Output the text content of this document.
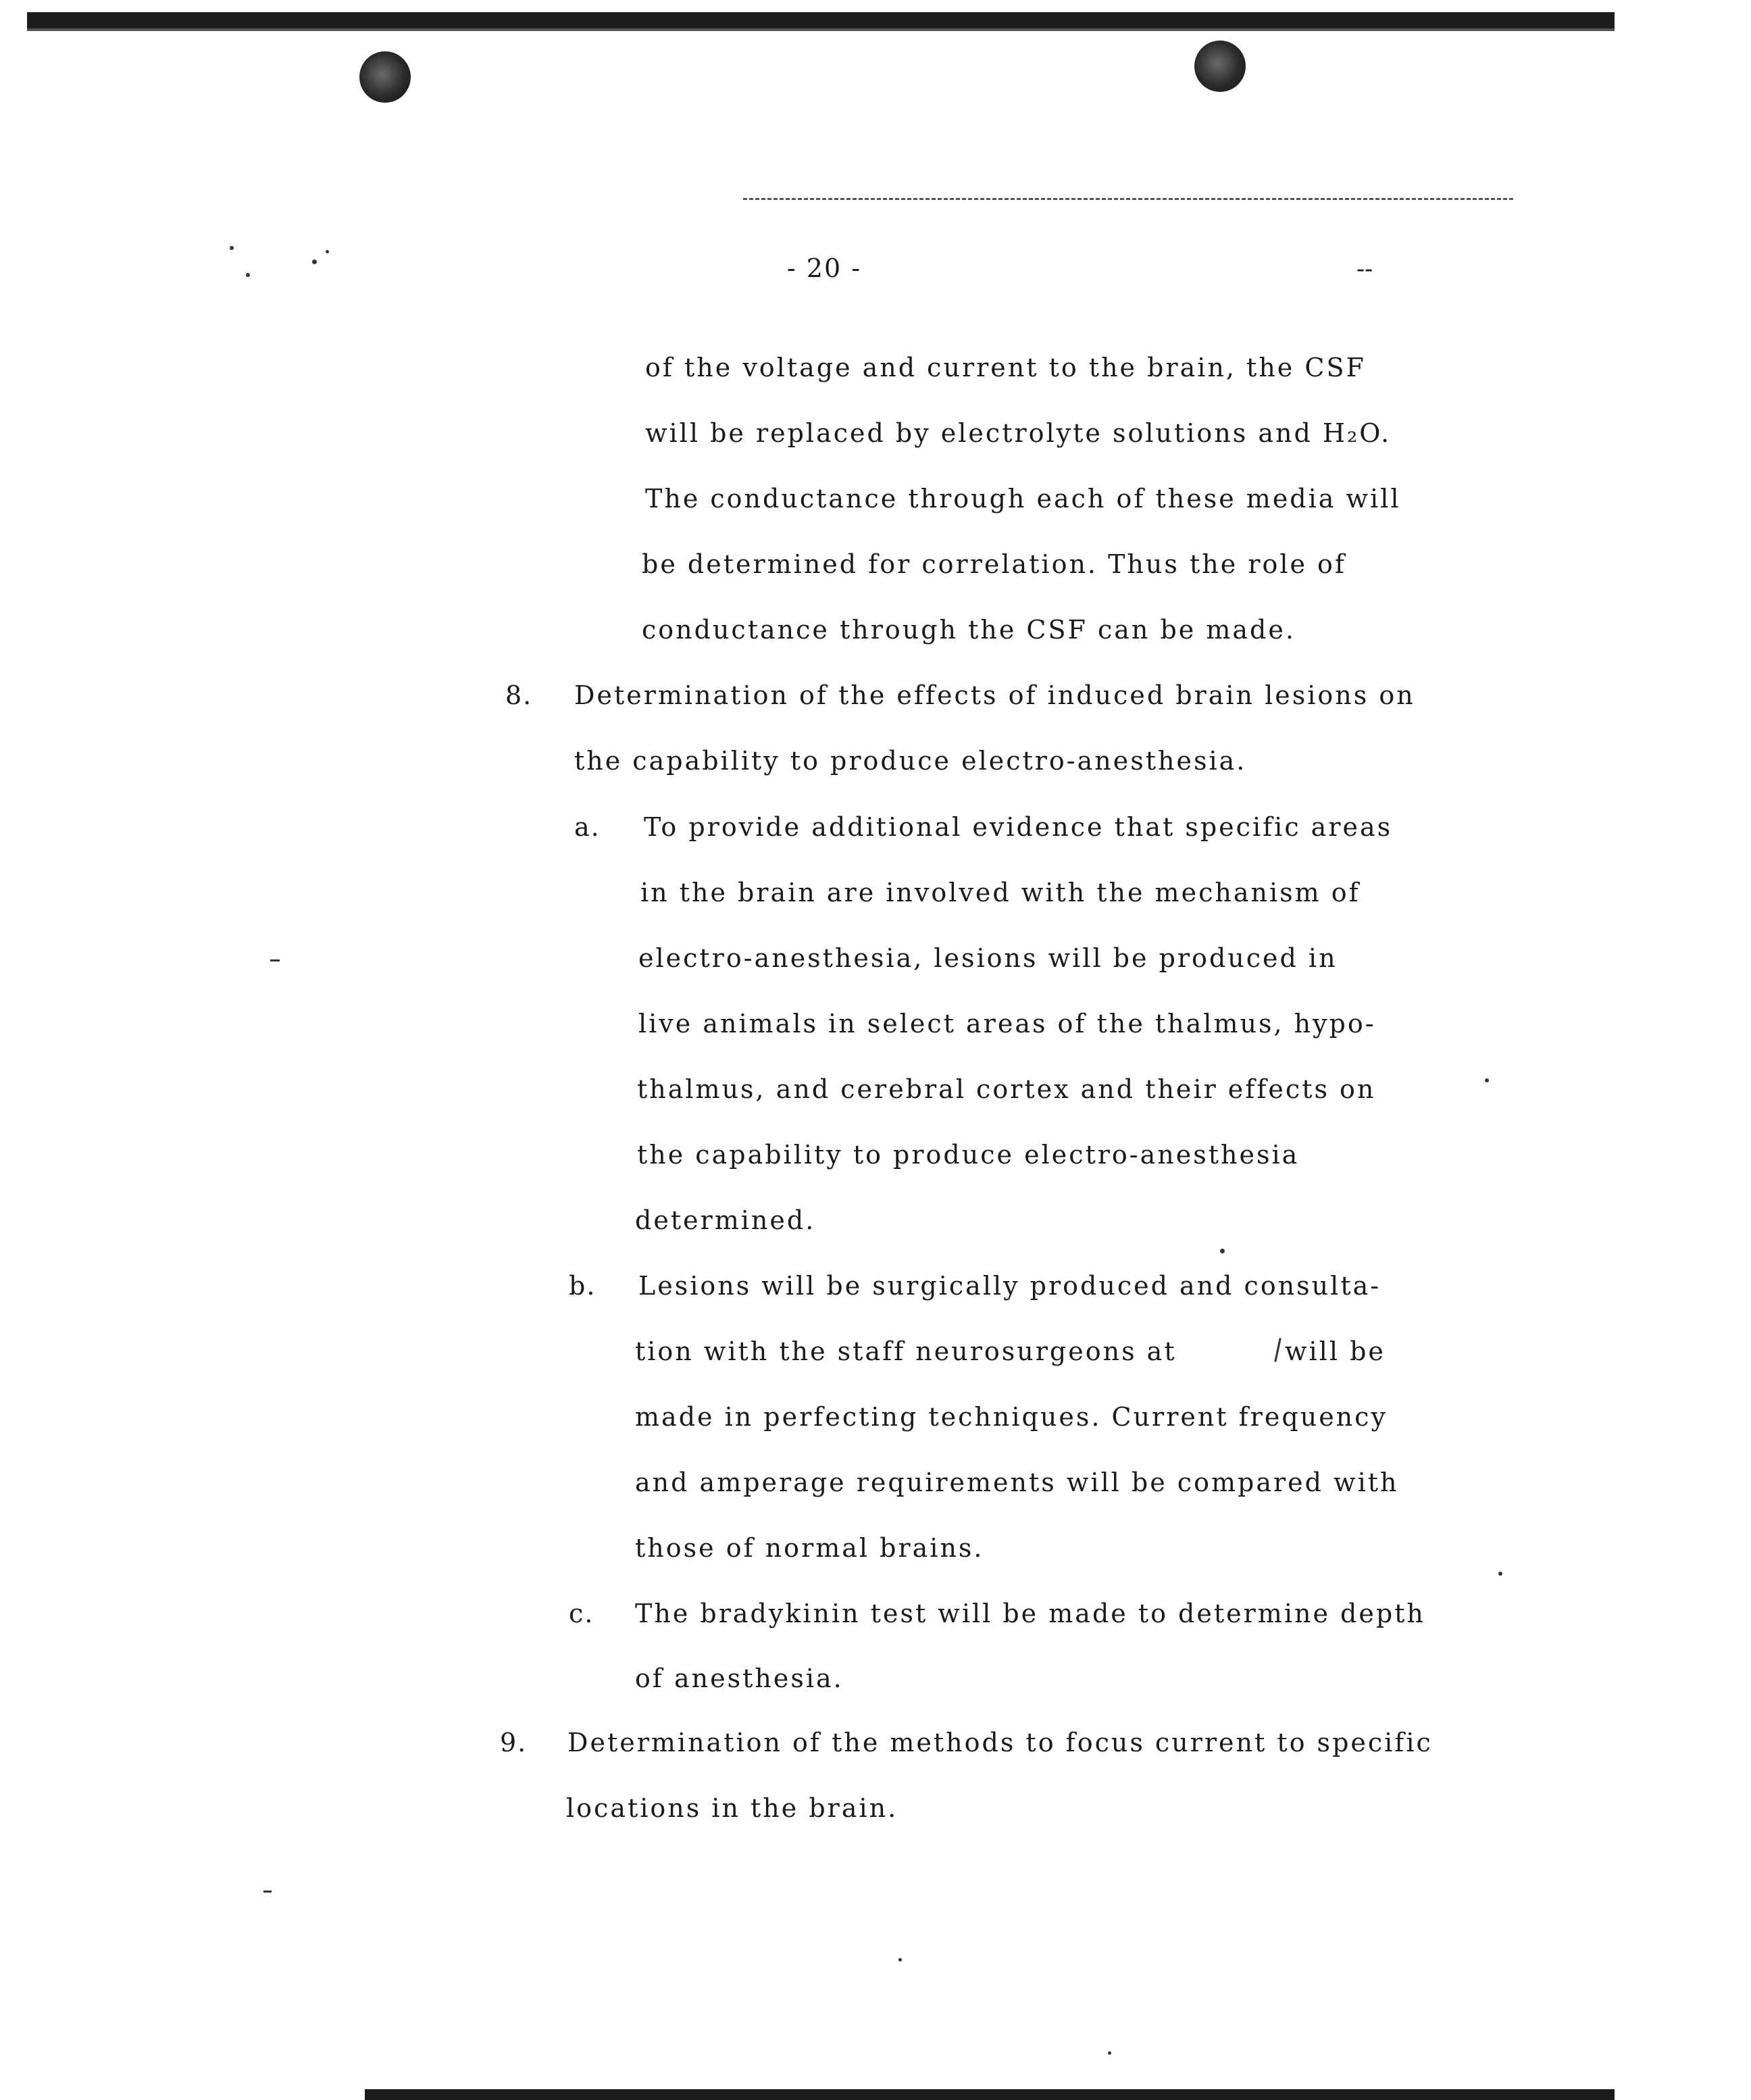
- 20 -	--
of the voltage and current to the brain, the CSF
will be replaced by electrolyte solutions and H₂O.
The conductance through each of these media will
be determined for correlation. Thus the role of
conductance through the CSF can be made.
8. Determination of the effects of induced brain lesions on
the capability to produce electro-anesthesia.
a. To provide additional evidence that specific areas
in the brain are involved with the mechanism of
electro-anesthesia, lesions will be produced in
live animals in select areas of the thalmus, hypo-
thalmus, and cerebral cortex and their effects on
the capability to produce electro-anesthesia
determined.
b. Lesions will be surgically produced and consulta-
tion with the staff neurosurgeons at	will be
made in perfecting techniques. Current frequency
and amperage requirements will be compared with
those of normal brains.
c. The bradykinin test will be made to determine depth
of anesthesia.
9. Determination of the methods to focus current to specific
locations in the brain.
